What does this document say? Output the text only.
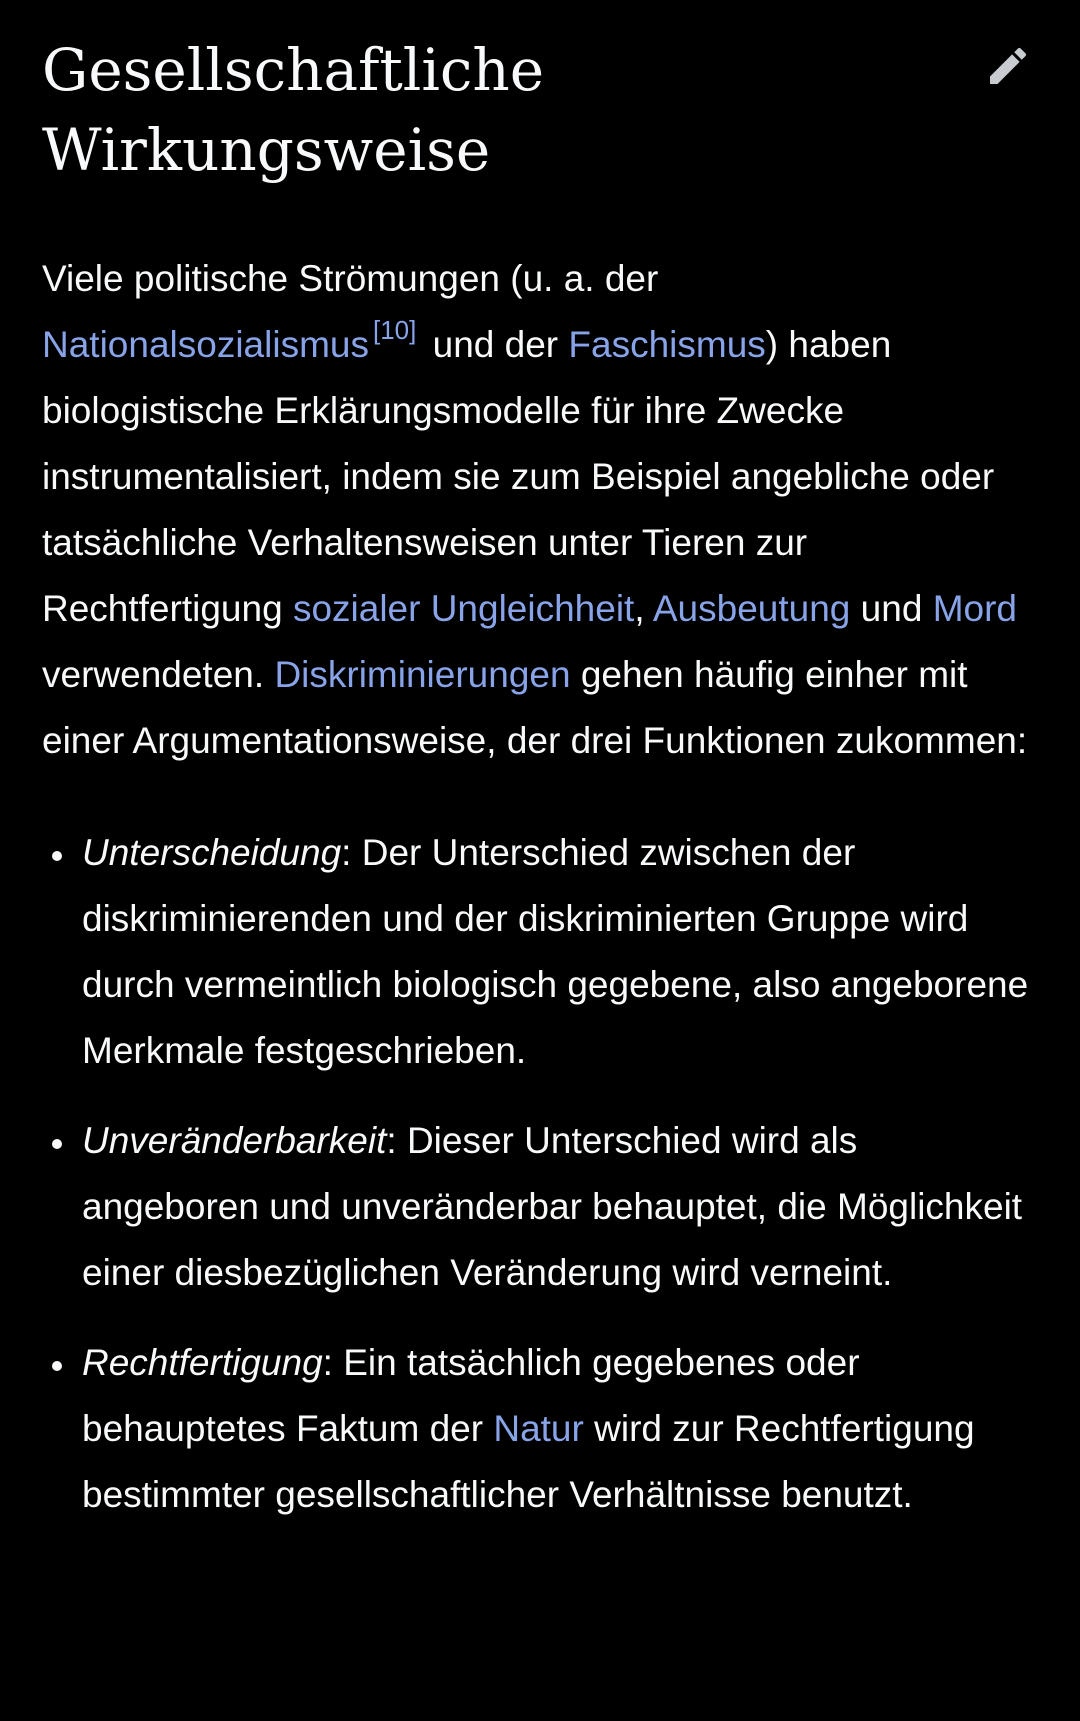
Gesellschaftliche Wirkungsweise

Viele politische Strömungen (u. a. der Nationalsozialismus [10] und der Faschismus) haben biologistische Erklärungsmodelle für ihre Zwecke instrumentalisiert, indem sie zum Beispiel angebliche oder tatsächliche Verhaltensweisen unter Tieren zur Rechtfertigung sozialer Ungleichheit, Ausbeutung und Mord verwendeten. Diskriminierungen gehen häufig einher mit einer Argumentationsweise, der drei Funktionen zukommen:

Unterscheidung: Der Unterschied zwischen der diskriminierenden und der diskriminierten Gruppe wird durch vermeintlich biologisch gegebene, also angeborene Merkmale festgeschrieben.
Unveränderbarkeit: Dieser Unterschied wird als angeboren und unveränderbar behauptet, die Möglichkeit einer diesbezüglichen Veränderung wird verneint.
Rechtfertigung: Ein tatsächlich gegebenes oder behauptetes Faktum der Natur wird zur Rechtfertigung bestimmter gesellschaftlicher Verhältnisse benutzt.
